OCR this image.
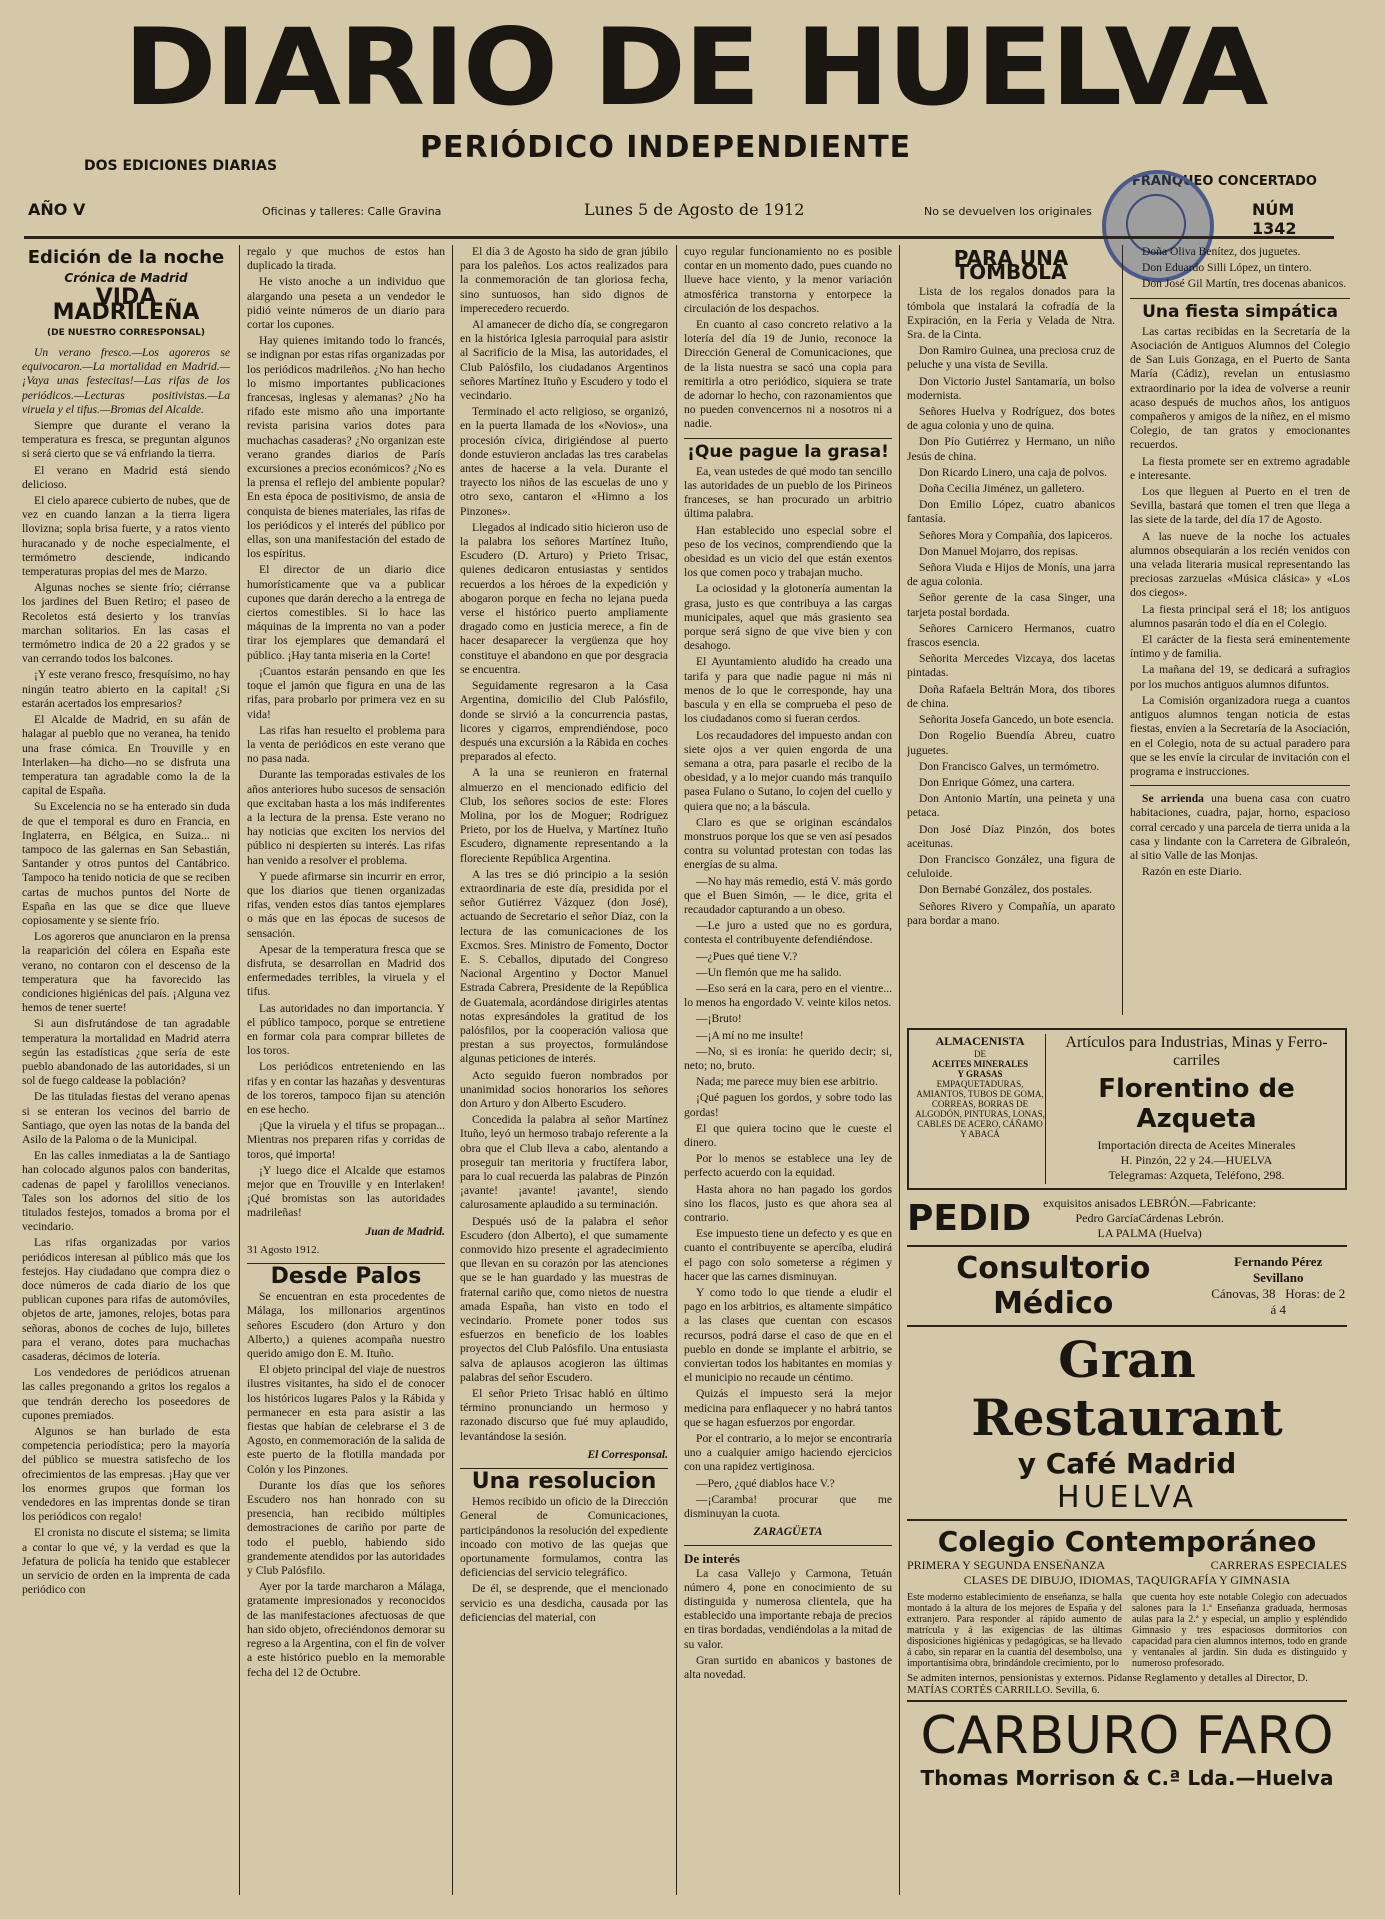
DIARIO DE HUELVA
PERIÓDICO INDEPENDIENTE
DOS EDICIONES DIARIAS
FRANQUEO CONCERTADO
AÑO V	Oficinas y talleres: Calle Gravina	Lunes 5 de Agosto de 1912	No se devuelven los originales	NÚM 1342
Edición de la noche
Crónica de Madrid
VIDA MADRILEÑA
(DE NUESTRO CORRESPONSAL)

Un verano fresco.—Los agoreros se equivocaron.—La mortalidad en Madrid.—¡Vaya unas festecitas!—Las rifas de los periódicos.—Lecturas positivistas.—La viruela y el tifus.—Bromas del Alcalde.

Siempre que durante el verano la temperatura es fresca, se preguntan algunos si será cierto que se vá enfriando la tierra.

El verano en Madrid está siendo delicioso.

El cielo aparece cubierto de nubes, que de vez en cuando lanzan a la tierra ligera llovizna; sopla brisa fuerte, y a ratos viento huracanado y de noche especialmente, el termómetro desciende, indicando temperaturas propias del mes de Marzo.

Algunas noches se siente frío; ciérranse los jardines del Buen Retiro; el paseo de Recoletos está desierto y los tranvías marchan solitarios. En las casas el termómetro indica de 20 a 22 grados y se van cerrando todos los balcones.

¡Y este verano fresco, fresquísimo, no hay ningún teatro abierto en la capital! ¿Si estarán acertados los empresarios?

El Alcalde de Madrid, en su afán de halagar al pueblo que no veranea, ha tenido una frase cómica. En Trouville y en Interlaken—ha dicho—no se disfruta una temperatura tan agradable como la de la capital de España.

Su Excelencia no se ha enterado sin duda de que el temporal es duro en Francia, en Inglaterra, en Bélgica, en Suiza... ni tampoco de las galernas en San Sebastián, Santander y otros puntos del Cantábrico. Tampoco ha tenido noticia de que se reciben cartas de muchos puntos del Norte de España en las que se dice que llueve copiosamente y se siente frío.

Los agoreros que anunciaron en la prensa la reaparición del cólera en España este verano, no contaron con el descenso de la temperatura que ha favorecido las condiciones higiénicas del país. ¡Alguna vez hemos de tener suerte!

Si aun disfrutándose de tan agradable temperatura la mortalidad en Madrid aterra según las estadísticas ¿que sería de este pueblo abandonado de las autoridades, si un sol de fuego caldease la población?

De las tituladas fiestas del verano apenas si se enteran los vecinos del barrio de Santiago, que oyen las notas de la banda del Asilo de la Paloma o de la Municipal.

En las calles inmediatas a la de Santiago han colocado algunos palos con banderitas, cadenas de papel y farolillos venecianos. Tales son los adornos del sitio de los titulados festejos, tomados a broma por el vecindario.

Las rifas organizadas por varios periódicos interesan al público más que los festejos. Hay ciudadano que compra diez o doce números de cada diario de los que publican cupones para rifas de automóviles, objetos de arte, jamones, relojes, botas para señoras, abonos de coches de lujo, billetes para el verano, dotes para muchachas casaderas, décimos de lotería.

Los vendedores de periódicos atruenan las calles pregonando a gritos los regalos a que tendrán derecho los poseedores de cupones premiados.

Algunos se han burlado de esta competencia periodística; pero la mayoría del público se muestra satisfecho de los ofrecimientos de las empresas. ¡Hay que ver los enormes grupos que forman los vendedores en las imprentas donde se tiran los periódicos con regalo!

El cronista no discute el sistema; se limita a contar lo que vé, y la verdad es que la Jefatura de policía ha tenido que establecer un servicio de orden en la imprenta de cada periódico con

regalo y que muchos de estos han duplicado la tirada.

He visto anoche a un individuo que alargando una peseta a un vendedor le pidió veinte números de un diario para cortar los cupones.

Hay quienes imitando todo lo francés, se indignan por estas rifas organizadas por los periódicos madrileños. ¿No han hecho lo mismo importantes publicaciones francesas, inglesas y alemanas? ¿No ha rifado este mismo año una importante revista parisina varios dotes para muchachas casaderas? ¿No organizan este verano grandes diarios de París excursiones a precios económicos? ¿No es la prensa el reflejo del ambiente popular? En esta época de positivismo, de ansia de conquista de bienes materiales, las rifas de los periódicos y el interés del público por ellas, son una manifestación del estado de los espíritus.

El director de un diario dice humorísticamente que va a publicar cupones que darán derecho a la entrega de ciertos comestibles. Si lo hace las máquinas de la imprenta no van a poder tirar los ejemplares que demandará el público. ¡Hay tanta miseria en la Corte!

¡Cuantos estarán pensando en que les toque el jamón que figura en una de las rifas, para probarlo por primera vez en su vida!

Las rifas han resuelto el problema para la venta de periódicos en este verano que no pasa nada.

Durante las temporadas estivales de los años anteriores hubo sucesos de sensación que excitaban hasta a los más indiferentes a la lectura de la prensa. Este verano no hay noticias que exciten los nervios del público ni despierten su interés. Las rifas han venido a resolver el problema.

Y puede afirmarse sin incurrir en error, que los diarios que tienen organizadas rifas, venden estos días tantos ejemplares o más que en las épocas de sucesos de sensación.

Apesar de la temperatura fresca que se disfruta, se desarrollan en Madrid dos enfermedades terribles, la viruela y el tifus.

Las autoridades no dan importancia. Y el público tampoco, porque se entretiene en formar cola para comprar billetes de los toros.

Los periódicos entreteniendo en las rifas y en contar las hazañas y desventuras de los toreros, tampoco fijan su atención en ese hecho.

¡Que la viruela y el tifus se propagan... Mientras nos preparen rifas y corridas de toros, qué importa!

¡Y luego dice el Alcalde que estamos mejor que en Trouville y en Interlaken! ¡Qué bromistas son las autoridades madrileñas!

Juan de Madrid.
31 Agosto 1912.
Desde Palos

Se encuentran en esta procedentes de Málaga, los millonarios argentinos señores Escudero (don Arturo y don Alberto,) a quienes acompaña nuestro querido amigo don E. M. Ituño.

El objeto principal del viaje de nuestros ilustres visitantes, ha sido el de conocer los históricos lugares Palos y la Rábida y permanecer en esta para asistir a las fiestas que habían de celebrarse el 3 de Agosto, en conmemoración de la salida de este puerto de la flotilla mandada por Colón y los Pinzones.

Durante los días que los señores Escudero nos han honrado con su presencia, han recibido múltiples demostraciones de cariño por parte de todo el pueblo, habiendo sido grandemente atendidos por las autoridades y Club Palósfilo.

Ayer por la tarde marcharon a Málaga, gratamente impresionados y reconocidos de las manifestaciones afectuosas de que han sido objeto, ofreciéndonos demorar su regreso a la Argentina, con el fin de volver a este histórico pueblo en la memorable fecha del 12 de Octubre.

El día 3 de Agosto ha sido de gran júbilo para los paleños. Los actos realizados para la conmemoración de tan gloriosa fecha, sino suntuosos, han sido dignos de imperecedero recuerdo.

Al amanecer de dicho día, se congregaron en la histórica Iglesia parroquial para asistir al Sacrificio de la Misa, las autoridades, el Club Palósfilo, los ciudadanos Argentinos señores Martínez Ituño y Escudero y todo el vecindario.

Terminado el acto religioso, se organizó, en la puerta llamada de los «Novios», una procesión cívica, dirigiéndose al puerto donde estuvieron ancladas las tres carabelas antes de hacerse a la vela. Durante el trayecto los niños de las escuelas de uno y otro sexo, cantaron el «Himno a los Pinzones».

Llegados al indicado sitio hicieron uso de la palabra los señores Martínez Ituño, Escudero (D. Arturo) y Prieto Trisac, quienes dedicaron entusiastas y sentidos recuerdos a los héroes de la expedición y abogaron porque en fecha no lejana pueda verse el histórico puerto ampliamente dragado como en justicia merece, a fin de hacer desaparecer la vergüenza que hoy constituye el abandono en que por desgracia se encuentra.

Seguidamente regresaron a la Casa Argentina, domicilio del Club Palósfilo, donde se sirvió a la concurrencia pastas, licores y cigarros, emprendiéndose, poco después una excursión a la Rábida en coches preparados al efecto.

A la una se reunieron en fraternal almuerzo en el mencionado edificio del Club, los señores socios de este: Flores Molina, por los de Moguer; Rodríguez Prieto, por los de Huelva, y Martínez Ituño Escudero, dignamente representando a la floreciente República Argentina.

A las tres se dió principio a la sesión extraordinaria de este día, presidida por el señor Gutiérrez Vázquez (don José), actuando de Secretario el señor Díaz, con la lectura de las comunicaciones de los Excmos. Sres. Ministro de Fomento, Doctor E. S. Ceballos, diputado del Congreso Nacional Argentino y Doctor Manuel Estrada Cabrera, Presidente de la República de Guatemala, acordándose dirigirles atentas notas expresándoles la gratitud de los palósfilos, por la cooperación valiosa que prestan a sus proyectos, formulándose algunas peticiones de interés.

Acto seguido fueron nombrados por unanimidad socios honorarios los señores don Arturo y don Alberto Escudero.

Concedida la palabra al señor Martínez Ituño, leyó un hermoso trabajo referente a la obra que el Club lleva a cabo, alentando a proseguir tan meritoria y fructífera labor, para lo cual recuerda las palabras de Pinzón ¡avante! ¡avante! ¡avante!, siendo calurosamente aplaudido a su terminación.

Después usó de la palabra el señor Escudero (don Alberto), el que sumamente conmovido hizo presente el agradecimiento que llevan en su corazón por las atenciones que se le han guardado y las muestras de fraternal cariño que, como nietos de nuestra amada España, han visto en todo el vecindario. Promete poner todos sus esfuerzos en beneficio de los loables proyectos del Club Palósfilo. Una entusiasta salva de aplausos acogieron las últimas palabras del señor Escudero.

El señor Prieto Trisac habló en último término pronunciando un hermoso y razonado discurso que fué muy aplaudido, levantándose la sesión.

El Corresponsal.
Una resolucion

Hemos recibido un oficio de la Dirección General de Comunicaciones, participándonos la resolución del expediente incoado con motivo de las quejas que oportunamente formulamos, contra las deficiencias del servicio telegráfico.

De él, se desprende, que el mencionado servicio es una desdicha, causada por las deficiencias del material, con

cuyo regular funcionamiento no es posible contar en un momento dado, pues cuando no llueve hace viento, y la menor variación atmosférica transtorna y entorpece la circulación de los despachos.

En cuanto al caso concreto relativo a la lotería del día 19 de Junio, reconoce la Dirección General de Comunicaciones, que de la lista nuestra se sacó una copia para remitirla a otro periódico, siquiera se trate de adornar lo hecho, con razonamientos que no pueden convencernos ni a nosotros ni a nadie.

¡Que pague la grasa!

Ea, vean ustedes de qué modo tan sencillo las autoridades de un pueblo de los Pirineos franceses, se han procurado un arbitrio última palabra.

Han establecido uno especial sobre el peso de los vecinos, comprendiendo que la obesidad es un vicio del que están exentos los que comen poco y trabajan mucho.

La ociosidad y la glotonería aumentan la grasa, justo es que contribuya a las cargas municipales, aquel que más grasiento sea porque será signo de que vive bien y con desahogo.

El Ayuntamiento aludido ha creado una tarifa y para que nadie pague ni más ni menos de lo que le corresponde, hay una bascula y en ella se comprueba el peso de los ciudadanos como si fueran cerdos.

Los recaudadores del impuesto andan con siete ojos a ver quien engorda de una semana a otra, para pasarle el recibo de la obesidad, y a lo mejor cuando más tranquilo pasea Fulano o Sutano, lo cojen del cuello y quiera que no; a la báscula.

Claro es que se originan escándalos monstruos porque los que se ven así pesados contra su voluntad protestan con todas las energías de su alma.

—No hay más remedio, está V. más gordo que el Buen Simón, — le dice, grita el recaudador capturando a un obeso.

—Le juro a usted que no es gordura, contesta el contribuyente defendiéndose.

—¿Pues qué tiene V.?

—Un flemón que me ha salido.

—Eso será en la cara, pero en el vientre... lo menos ha engordado V. veinte kilos netos.

—¡Bruto!

—¡A mí no me insulte!

—No, si es ironía: he querido decir; si, neto; no, bruto.

Nada; me parece muy bien ese arbitrio.

¡Qué paguen los gordos, y sobre todo las gordas!

El que quiera tocino que le cueste el dinero.

Por lo menos se establece una ley de perfecto acuerdo con la equidad.

Hasta ahora no han pagado los gordos sino los flacos, justo es que ahora sea al contrario.

Ese impuesto tiene un defecto y es que en cuanto el contribuyente se apercíba, eludirá el pago con solo someterse a régimen y hacer que las carnes disminuyan.

Y como todo lo que tiende a eludir el pago en los arbitrios, es altamente simpático a las clases que cuentan con escasos recursos, podrá darse el caso de que en el pueblo en donde se implante el arbitrio, se conviertan todos los habitantes en momias y el municipio no recaude un céntimo.

Quizás el impuesto será la mejor medicina para enflaquecer y no habrá tantos que se hagan esfuerzos por engordar.

Por el contrario, a lo mejor se encontraría uno a cualquier amigo haciendo ejercicios con una rapidez vertiginosa.

—Pero, ¿qué diablos hace V.?

—¡Caramba! procurar que me disminuyan la cuota.

ZARAGÜETA
De interés

La casa Vallejo y Carmona, Tetuán número 4, pone en conocimiento de su distinguida y numerosa clientela, que ha establecido una importante rebaja de precios en tiras bordadas, vendiéndolas a la mitad de su valor.

Gran surtido en abanicos y bastones de alta novedad.

PARA UNA TÓMBOLA

Lista de los regalos donados para la tómbola que instalará la cofradía de la Expiración, en la Feria y Velada de Ntra. Sra. de la Cinta.

Don Ramiro Guinea, una preciosa cruz de peluche y una vista de Sevilla.

Don Victorio Justel Santamaría, un bolso modernista.

Señores Huelva y Rodríguez, dos botes de agua colonia y uno de quina.

Don Pío Gutiérrez y Hermano, un niño Jesús de china.

Don Ricardo Linero, una caja de polvos.

Doña Cecilia Jiménez, un galletero.

Don Emilio López, cuatro abanicos fantasía.

Señores Mora y Compañía, dos lapiceros.

Don Manuel Mojarro, dos repisas.

Señora Viuda e Hijos de Monís, una jarra de agua colonia.

Señor gerente de la casa Singer, una tarjeta postal bordada.

Señores Carnicero Hermanos, cuatro frascos esencia.

Señorita Mercedes Vizcaya, dos lacetas pintadas.

Doña Rafaela Beltrán Mora, dos tibores de china.

Señorita Josefa Gancedo, un bote esencia.

Don Rogelio Buendía Abreu, cuatro juguetes.

Don Francisco Galves, un termómetro.

Don Enrique Gómez, una cartera.

Don Antonio Martín, una peineta y una petaca.

Don José Díaz Pinzón, dos botes aceitunas.

Don Francisco González, una figura de celuloide.

Don Bernabé González, dos postales.

Señores Rivero y Compañía, un aparato para bordar a mano.

Doña Oliva Benítez, dos juguetes.

Don Eduardo Silli López, un tintero.

Don José Gil Martín, tres docenas abanicos.

Una fiesta simpática

Las cartas recibidas en la Secretaría de la Asociación de Antiguos Alumnos del Colegio de San Luis Gonzaga, en el Puerto de Santa María (Cádiz), revelan un entusiasmo extraordinario por la idea de volverse a reunir acaso después de muchos años, los antiguos compañeros y amigos de la niñez, en el mismo Colegio, de tan gratos y emocionantes recuerdos.

La fiesta promete ser en extremo agradable e interesante.

Los que lleguen al Puerto en el tren de Sevilla, bastará que tomen el tren que llega a las siete de la tarde, del día 17 de Agosto.

A las nueve de la noche los actuales alumnos obsequiarán a los recién venidos con una velada literaria musical representando las preciosas zarzuelas «Música clásica» y «Los dos ciegos».

La fiesta principal será el 18; los antiguos alumnos pasarán todo el día en el Colegio.

El carácter de la fiesta será eminentemente íntimo y de familia.

La mañana del 19, se dedicará a sufragios por los muchos antiguos alumnos difuntos.

La Comisión organizadora ruega a cuantos antiguos alumnos tengan noticia de estas fiestas, envíen a la Secretaría de la Asociación, en el Colegio, nota de su actual paradero para que se les envíe la circular de invitación con el programa e instrucciones.

Se arrienda una buena casa con cuatro habitaciones, cuadra, pajar, horno, espacioso corral cercado y una parcela de tierra unida a la casa y lindante con la Carretera de Gibraleón, al sitio Valle de las Monjas.

Razón en este Diario.

ALMACENISTA
DE
ACEITES MINERALES
Y GRASAS
EMPAQUETADURAS, AMIANTOS, TUBOS DE GOMA, CORREAS, BORRAS DE ALGODÓN, PINTURAS, LONAS, CABLES DE ACERO, CÁÑAMO Y ABACÁ
Artículos para Industrias, Minas y Ferro-carriles
Florentino de Azqueta
Importación directa de Aceites Minerales
H. Pinzón, 22 y 24.—HUELVA
Telegramas: Azqueta, Teléfono, 298.
PEDID exquisitos anisados LEBRÓN.—Fabricante:
Pedro GarcíaCárdenas Lebrón.
LA PALMA (Huelva)
Consultorio Médico
Fernando Pérez Sevillano
Cánovas, 38 Horas: de 2 á 4
Gran Restaurant
y Café Madrid
HUELVA
Colegio Contemporáneo
PRIMERA Y SEGUNDA ENSEÑANZA	CARRERAS ESPECIALES
CLASES DE DIBUJO, IDIOMAS, TAQUIGRAFÍA Y GIMNASIA
Este moderno establecimiento de enseñanza, se halla montado á la altura de los mejores de España y del extranjero. Para responder al rápido aumento de matrícula y á las exigencias de las últimas disposiciones higiénicas y pedagógicas, se ha llevado á cabo, sin reparar en la cuantía del desembolso, una importantísima obra, brindándole crecimiento, por lo
que cuenta hoy este notable Colegio con adecuados salones para la 1.ª Enseñanza graduada, hermosas aulas para la 2.ª y especial, un amplio y espléndido Gimnasio y tres espaciosos dormitorios con capacidad para cien alumnos internos, todo en grande y ventanales al jardín. Sin duda es distinguido y numeroso profesorado.
Se admiten internos, pensionistas y externos. Pídanse Reglamento y detalles al Director, D. MATÍAS CORTÉS CARRILLO. Sevilla, 6.
CARBURO FARO
Thomas Morrison & C.ª Lda.—Huelva
